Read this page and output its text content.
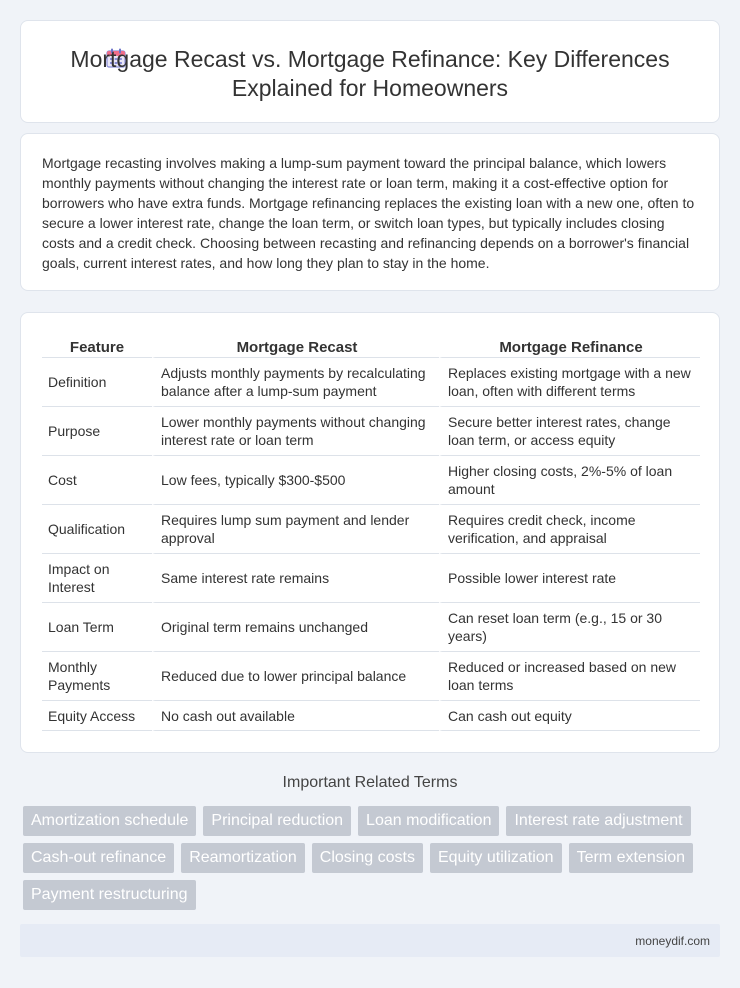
Mortgage Recast vs. Mortgage Refinance: Key Differences Explained for Homeowners

Mortgage recasting involves making a lump-sum payment toward the principal balance, which lowers monthly payments without changing the interest rate or loan term, making it a cost-effective option for borrowers who have extra funds. Mortgage refinancing replaces the existing loan with a new one, often to secure a lower interest rate, change the loan term, or switch loan types, but typically includes closing costs and a credit check. Choosing between recasting and refinancing depends on a borrower's financial goals, current interest rates, and how long they plan to stay in the home.

Feature	Mortgage Recast	Mortgage Refinance
Definition	Adjusts monthly payments by recalculating balance after a lump-sum payment	Replaces existing mortgage with a new loan, often with different terms
Purpose	Lower monthly payments without changing interest rate or loan term	Secure better interest rates, change loan term, or access equity
Cost	Low fees, typically $300-$500	Higher closing costs, 2%-5% of loan amount
Qualification	Requires lump sum payment and lender approval	Requires credit check, income verification, and appraisal
Impact on Interest	Same interest rate remains	Possible lower interest rate
Loan Term	Original term remains unchanged	Can reset loan term (e.g., 15 or 30 years)
Monthly Payments	Reduced due to lower principal balance	Reduced or increased based on new loan terms
Equity Access	No cash out available	Can cash out equity
Important Related Terms
Amortization schedule	Principal reduction	Loan modification	Interest rate adjustment
Cash-out refinance	Reamortization	Closing costs	Equity utilization	Term extension
Payment restructuring
moneydif.com
